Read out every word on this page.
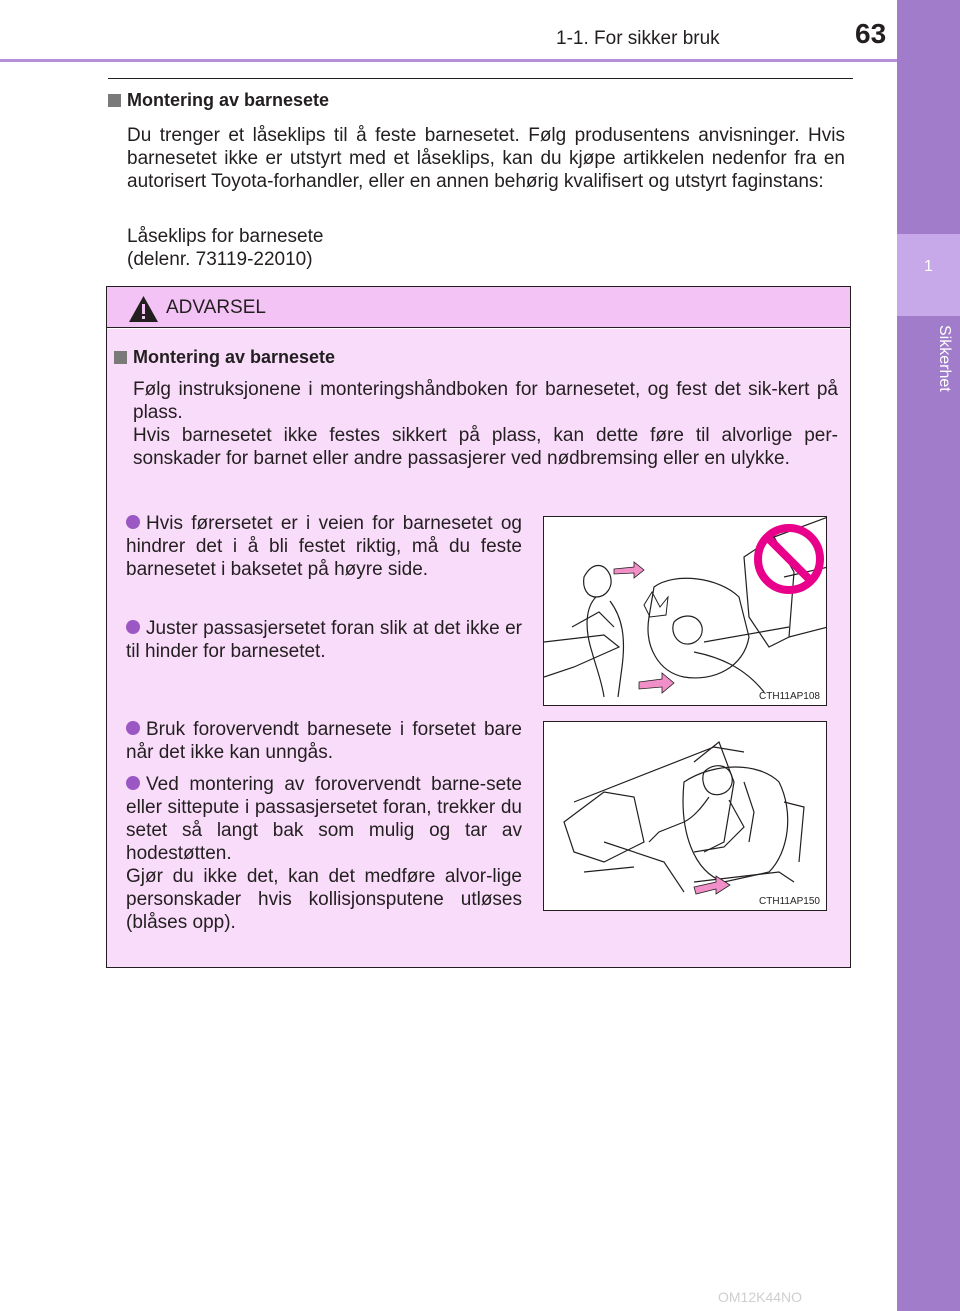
1-1. For sikker bruk	63
1
Sikkerhet
Montering av barnesete
Du trenger et låseklips til å feste barnesetet. Følg produsentens anvisninger. Hvis barnesetet ikke er utstyrt med et låseklips, kan du kjøpe artikkelen nedenfor fra en autorisert Toyota-forhandler, eller en annen behørig kvalifisert og utstyrt faginstans:
Låseklips for barnesete
(delenr. 73119-22010)
ADVARSEL
Montering av barnesete
Følg instruksjonene i monteringshåndboken for barnesetet, og fest det sik-kert på plass.
Hvis barnesetet ikke festes sikkert på plass, kan dette føre til alvorlige per-sonskader for barnet eller andre passasjerer ved nødbremsing eller en ulykke.
Hvis førersetet er i veien for barnesetet og hindrer det i å bli festet riktig, må du feste barnesetet i baksetet på høyre side.
Juster passasjersetet foran slik at det ikke er til hinder for barnesetet.
Bruk forovervendt barnesete i forsetet bare når det ikke kan unngås.
Ved montering av forovervendt barne-sete eller sittepute i passasjersetet foran, trekker du setet så langt bak som mulig og tar av hodestøtten.
Gjør du ikke det, kan det medføre alvor-lige personskader hvis kollisjonsputene utløses (blåses opp).
CTH11AP108
CTH11AP150
OM12K44NO
